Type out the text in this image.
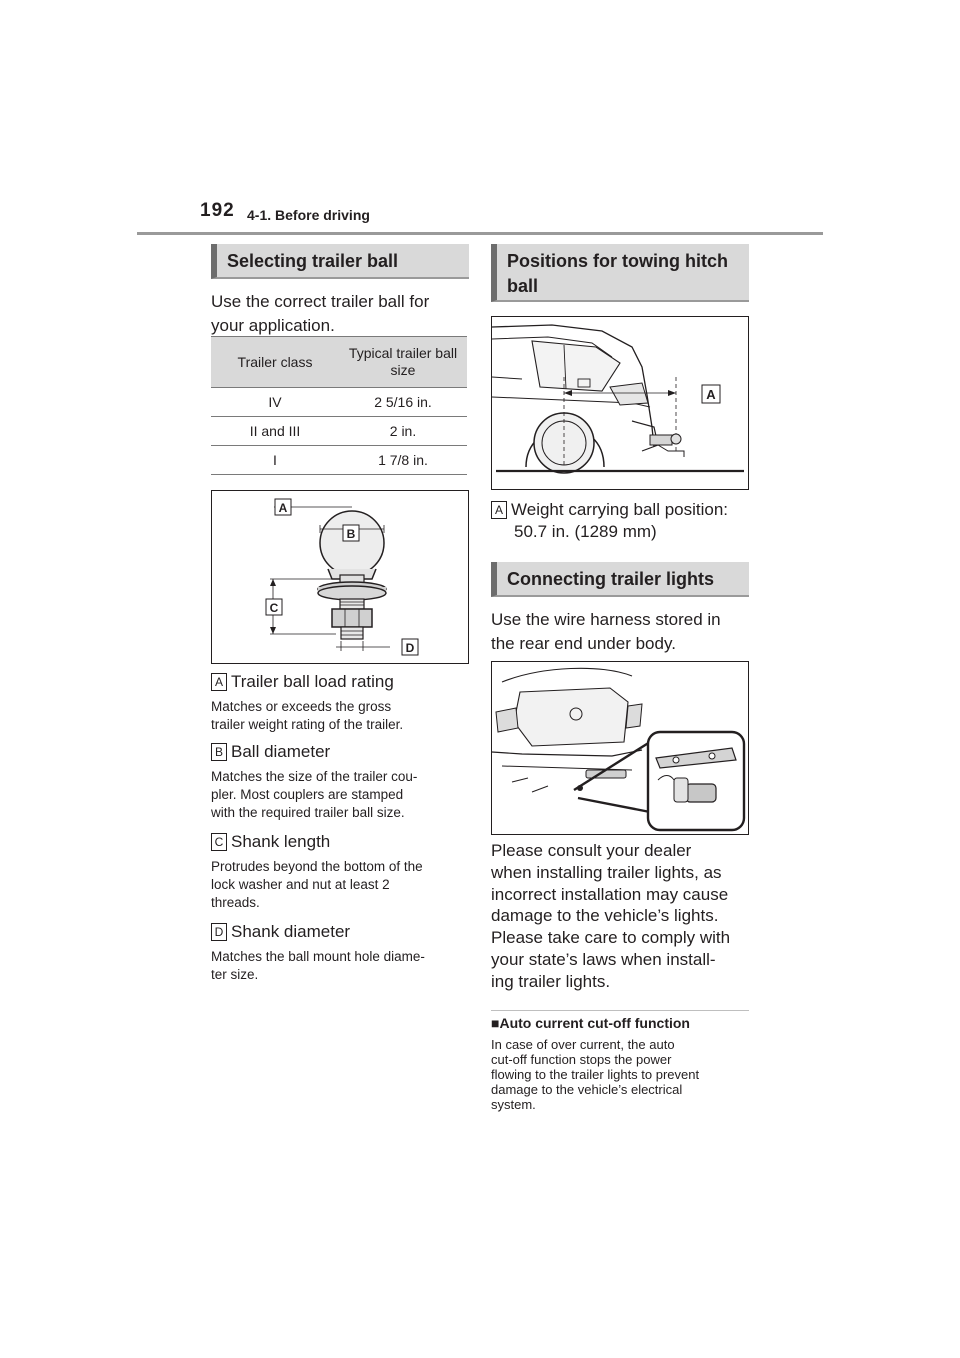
192 4-1. Before driving
Selecting trailer ball
Use the correct trailer ball for
your application.
Trailer class	Typical trailer ball size
IV	2 5/16 in.
II and III	2 in.
I	1 7/8 in.
A
B
C
D
A Trailer ball load rating
Matches or exceeds the gross
trailer weight rating of the trailer.
B Ball diameter
Matches the size of the trailer cou-
pler. Most couplers are stamped
with the required trailer ball size.
C Shank length
Protrudes beyond the bottom of the
lock washer and nut at least 2
threads.
D Shank diameter
Matches the ball mount hole diame-
ter size.
Positions for towing hitch
ball
A
A Weight carrying ball position:
50.7 in. (1289 mm)
Connecting trailer lights
Use the wire harness stored in
the rear end under body.
Please consult your dealer
when installing trailer lights, as
incorrect installation may cause
damage to the vehicle’s lights.
Please take care to comply with
your state’s laws when install-
ing trailer lights.
■Auto current cut-off function
In case of over current, the auto
cut-off function stops the power
flowing to the trailer lights to prevent
damage to the vehicle’s electrical
system.
